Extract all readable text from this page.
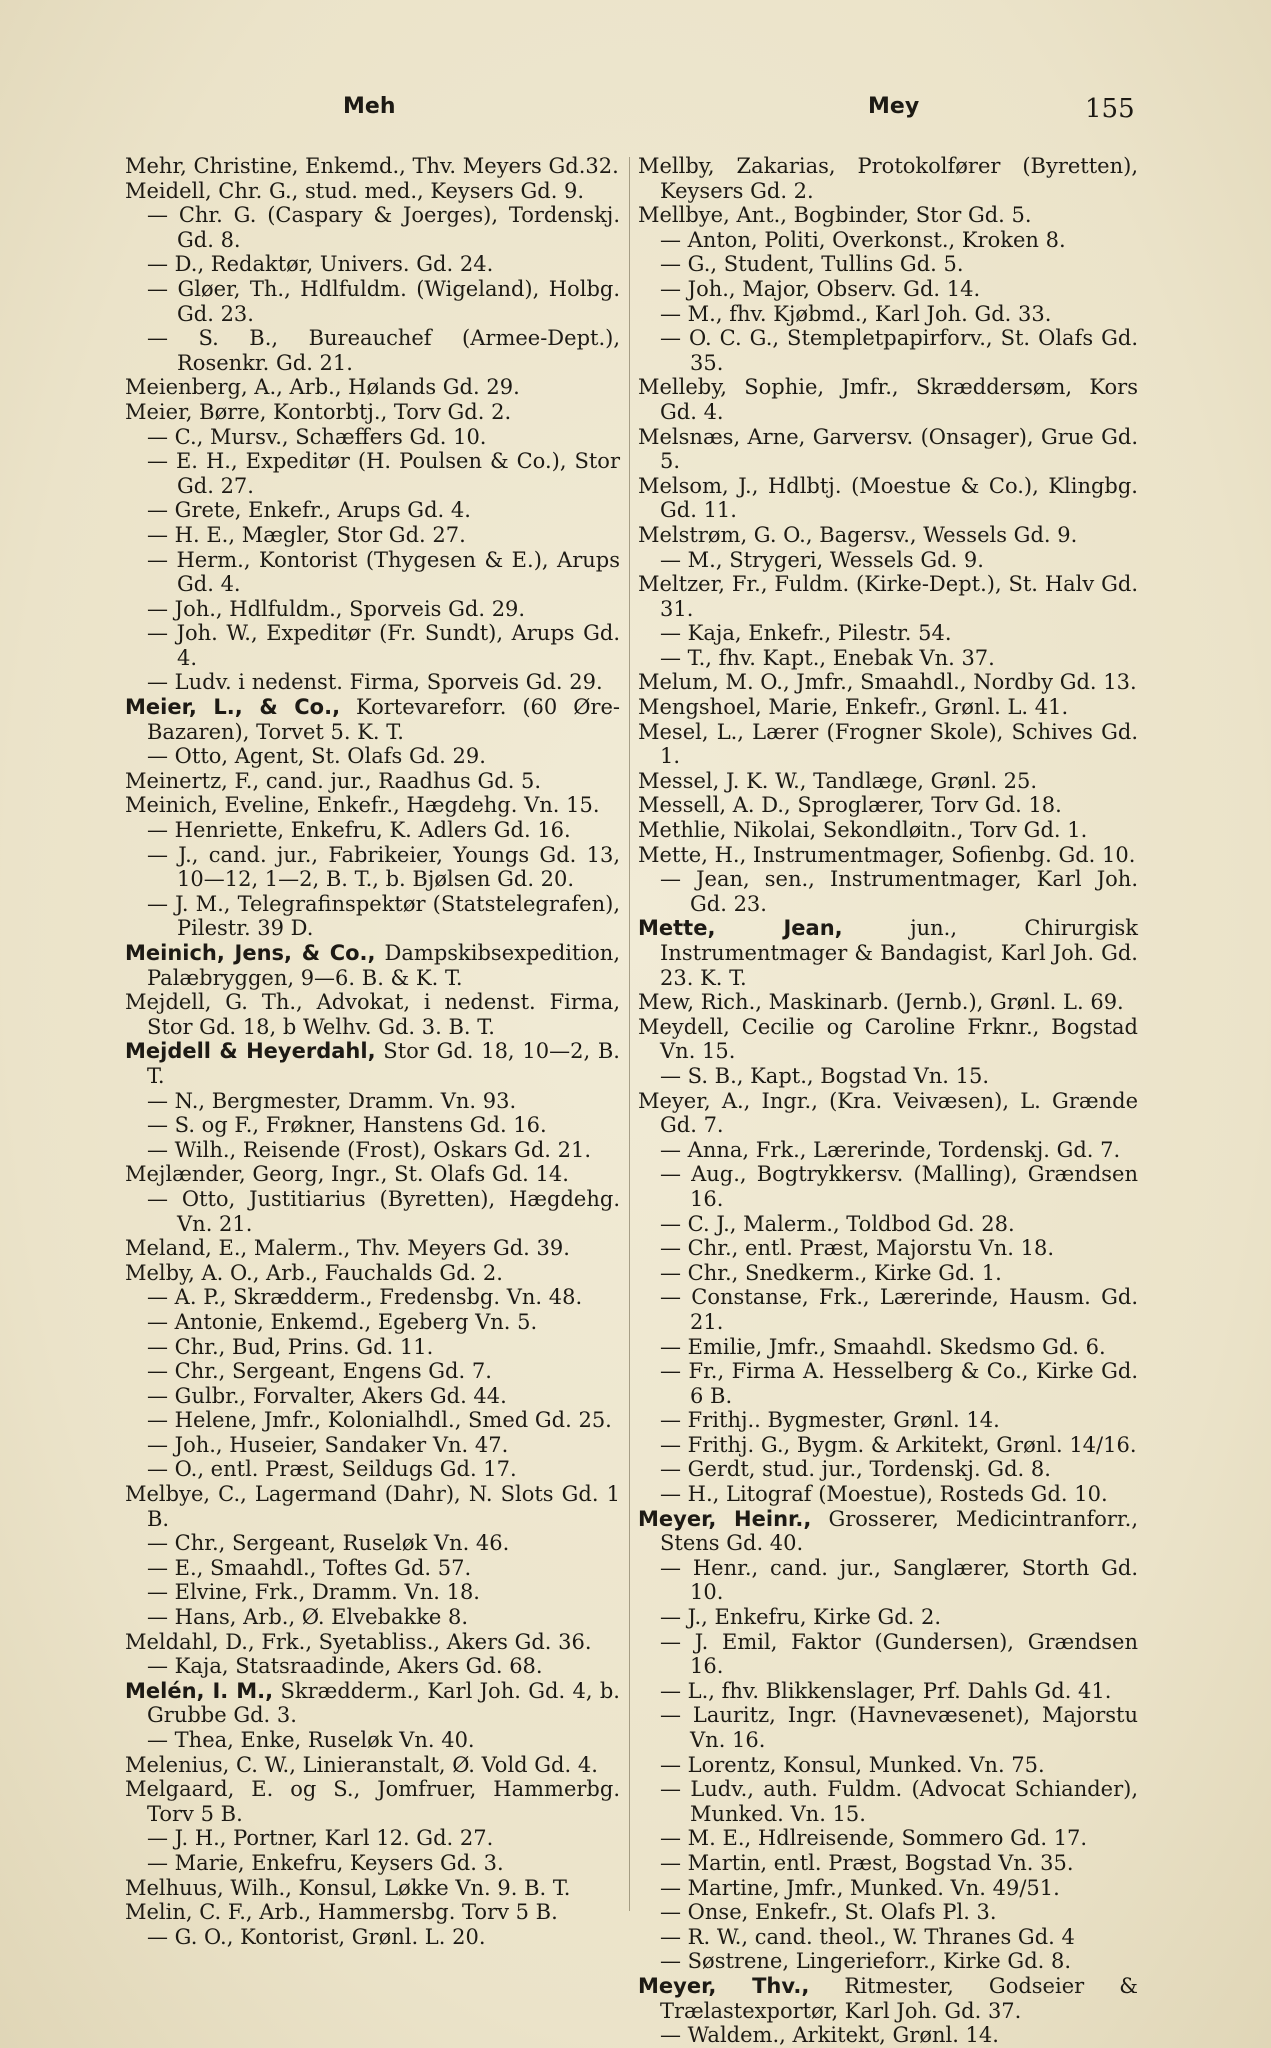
Meh	Mey	155
Mehr, Christine, Enkemd., Thv. Meyers Gd.32.
Meidell, Chr. G., stud. med., Keysers Gd. 9.
— Chr. G. (Caspary & Joerges), Tordenskj. Gd. 8.
— D., Redaktør, Univers. Gd. 24.
— Gløer, Th., Hdlfuldm. (Wigeland), Holbg. Gd. 23.
— S. B., Bureauchef (Armee-Dept.), Rosenkr. Gd. 21.
Meienberg, A., Arb., Hølands Gd. 29.
Meier, Børre, Kontorbtj., Torv Gd. 2.
— C., Mursv., Schæffers Gd. 10.
— E. H., Expeditør (H. Poulsen & Co.), Stor Gd. 27.
— Grete, Enkefr., Arups Gd. 4.
— H. E., Mægler, Stor Gd. 27.
— Herm., Kontorist (Thygesen & E.), Arups Gd. 4.
— Joh., Hdlfuldm., Sporveis Gd. 29.
— Joh. W., Expeditør (Fr. Sundt), Arups Gd. 4.
— Ludv. i nedenst. Firma, Sporveis Gd. 29.
Meier, L., & Co., Kortevareforr. (60 Øre-Bazaren), Torvet 5. K. T.
— Otto, Agent, St. Olafs Gd. 29.
Meinertz, F., cand. jur., Raadhus Gd. 5.
Meinich, Eveline, Enkefr., Hægdehg. Vn. 15.
— Henriette, Enkefru, K. Adlers Gd. 16.
— J., cand. jur., Fabrikeier, Youngs Gd. 13, 10—12, 1—2, B. T., b. Bjølsen Gd. 20.
— J. M., Telegrafinspektør (Statstelegrafen), Pilestr. 39 D.
Meinich, Jens, & Co., Dampskibsexpedition, Palæbryggen, 9—6. B. & K. T.
Mejdell, G. Th., Advokat, i nedenst. Firma, Stor Gd. 18, b Welhv. Gd. 3. B. T.
Mejdell & Heyerdahl, Stor Gd. 18, 10—2, B. T.
— N., Bergmester, Dramm. Vn. 93.
— S. og F., Frøkner, Hanstens Gd. 16.
— Wilh., Reisende (Frost), Oskars Gd. 21.
Mejlænder, Georg, Ingr., St. Olafs Gd. 14.
— Otto, Justitiarius (Byretten), Hægdehg. Vn. 21.
Meland, E., Malerm., Thv. Meyers Gd. 39.
Melby, A. O., Arb., Fauchalds Gd. 2.
— A. P., Skrædderm., Fredensbg. Vn. 48.
— Antonie, Enkemd., Egeberg Vn. 5.
— Chr., Bud, Prins. Gd. 11.
— Chr., Sergeant, Engens Gd. 7.
— Gulbr., Forvalter, Akers Gd. 44.
— Helene, Jmfr., Kolonialhdl., Smed Gd. 25.
— Joh., Huseier, Sandaker Vn. 47.
— O., entl. Præst, Seildugs Gd. 17.
Melbye, C., Lagermand (Dahr), N. Slots Gd. 1 B.
— Chr., Sergeant, Ruseløk Vn. 46.
— E., Smaahdl., Toftes Gd. 57.
— Elvine, Frk., Dramm. Vn. 18.
— Hans, Arb., Ø. Elvebakke 8.
Meldahl, D., Frk., Syetabliss., Akers Gd. 36.
— Kaja, Statsraadinde, Akers Gd. 68.
Melén, I. M., Skrædderm., Karl Joh. Gd. 4, b. Grubbe Gd. 3.
— Thea, Enke, Ruseløk Vn. 40.
Melenius, C. W., Linieranstalt, Ø. Vold Gd. 4.
Melgaard, E. og S., Jomfruer, Hammerbg. Torv 5 B.
— J. H., Portner, Karl 12. Gd. 27.
— Marie, Enkefru, Keysers Gd. 3.
Melhuus, Wilh., Konsul, Løkke Vn. 9. B. T.
Melin, C. F., Arb., Hammersbg. Torv 5 B.
— G. O., Kontorist, Grønl. L. 20.
Mellby, Zakarias, Protokolfører (Byretten), Keysers Gd. 2.
Mellbye, Ant., Bogbinder, Stor Gd. 5.
— Anton, Politi, Overkonst., Kroken 8.
— G., Student, Tullins Gd. 5.
— Joh., Major, Observ. Gd. 14.
— M., fhv. Kjøbmd., Karl Joh. Gd. 33.
— O. C. G., Stempletpapirforv., St. Olafs Gd. 35.
Melleby, Sophie, Jmfr., Skræddersøm, Kors Gd. 4.
Melsnæs, Arne, Garversv. (Onsager), Grue Gd. 5.
Melsom, J., Hdlbtj. (Moestue & Co.), Klingbg. Gd. 11.
Melstrøm, G. O., Bagersv., Wessels Gd. 9.
— M., Strygeri, Wessels Gd. 9.
Meltzer, Fr., Fuldm. (Kirke-Dept.), St. Halv Gd. 31.
— Kaja, Enkefr., Pilestr. 54.
— T., fhv. Kapt., Enebak Vn. 37.
Melum, M. O., Jmfr., Smaahdl., Nordby Gd. 13.
Mengshoel, Marie, Enkefr., Grønl. L. 41.
Mesel, L., Lærer (Frogner Skole), Schives Gd. 1.
Messel, J. K. W., Tandlæge, Grønl. 25.
Messell, A. D., Sproglærer, Torv Gd. 18.
Methlie, Nikolai, Sekondløitn., Torv Gd. 1.
Mette, H., Instrumentmager, Sofienbg. Gd. 10.
— Jean, sen., Instrumentmager, Karl Joh. Gd. 23.
Mette, Jean, jun., Chirurgisk Instrumentmager & Bandagist, Karl Joh. Gd. 23. K. T.
Mew, Rich., Maskinarb. (Jernb.), Grønl. L. 69.
Meydell, Cecilie og Caroline Frknr., Bogstad Vn. 15.
— S. B., Kapt., Bogstad Vn. 15.
Meyer, A., Ingr., (Kra. Veivæsen), L. Grænde Gd. 7.
— Anna, Frk., Lærerinde, Tordenskj. Gd. 7.
— Aug., Bogtrykkersv. (Malling), Grændsen 16.
— C. J., Malerm., Toldbod Gd. 28.
— Chr., entl. Præst, Majorstu Vn. 18.
— Chr., Snedkerm., Kirke Gd. 1.
— Constanse, Frk., Lærerinde, Hausm. Gd. 21.
— Emilie, Jmfr., Smaahdl. Skedsmo Gd. 6.
— Fr., Firma A. Hesselberg & Co., Kirke Gd. 6 B.
— Frithj.. Bygmester, Grønl. 14.
— Frithj. G., Bygm. & Arkitekt, Grønl. 14/16.
— Gerdt, stud. jur., Tordenskj. Gd. 8.
— H., Litograf (Moestue), Rosteds Gd. 10.
Meyer, Heinr., Grosserer, Medicintranforr., Stens Gd. 40.
— Henr., cand. jur., Sanglærer, Storth Gd. 10.
— J., Enkefru, Kirke Gd. 2.
— J. Emil, Faktor (Gundersen), Grændsen 16.
— L., fhv. Blikkenslager, Prf. Dahls Gd. 41.
— Lauritz, Ingr. (Havnevæsenet), Majorstu Vn. 16.
— Lorentz, Konsul, Munked. Vn. 75.
— Ludv., auth. Fuldm. (Advocat Schiander), Munked. Vn. 15.
— M. E., Hdlreisende, Sommero Gd. 17.
— Martin, entl. Præst, Bogstad Vn. 35.
— Martine, Jmfr., Munked. Vn. 49/51.
— Onse, Enkefr., St. Olafs Pl. 3.
— R. W., cand. theol., W. Thranes Gd. 4
— Søstrene, Lingerieforr., Kirke Gd. 8.
Meyer, Thv., Ritmester, Godseier & Trælastexportør, Karl Joh. Gd. 37.
— Waldem., Arkitekt, Grønl. 14.
